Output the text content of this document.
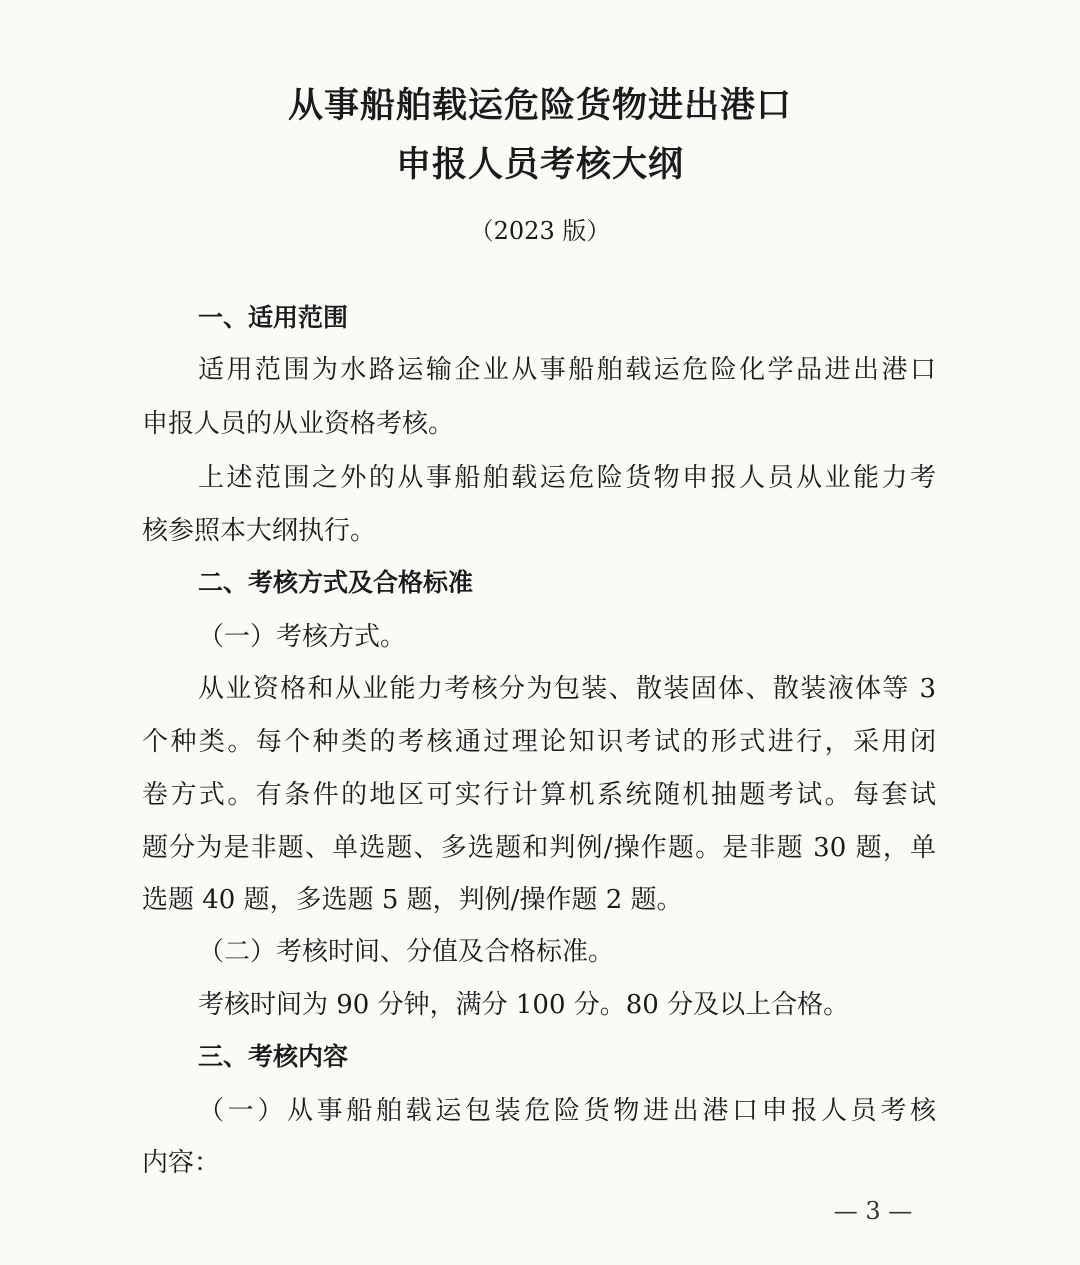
从事船舶载运危险货物进出港口
申报人员考核大纲
（2023 版）
一、适用范围
适用范围为水路运输企业从事船舶载运危险化学品进出港口
申报人员的从业资格考核。
上述范围之外的从事船舶载运危险货物申报人员从业能力考
核参照本大纲执行。
二、考核方式及合格标准
（一）考核方式。
从业资格和从业能力考核分为包装、散装固体、散装液体等 3
个种类。每个种类的考核通过理论知识考试的形式进行，采用闭
卷方式。有条件的地区可实行计算机系统随机抽题考试。每套试
题分为是非题、单选题、多选题和判例/操作题。是非题 30 题，单
选题 40 题，多选题 5 题，判例/操作题 2 题。
（二）考核时间、分值及合格标准。
考核时间为 90 分钟，满分 100 分。80 分及以上合格。
三、考核内容
（一）从事船舶载运包装危险货物进出港口申报人员考核
内容：
— 3 —
